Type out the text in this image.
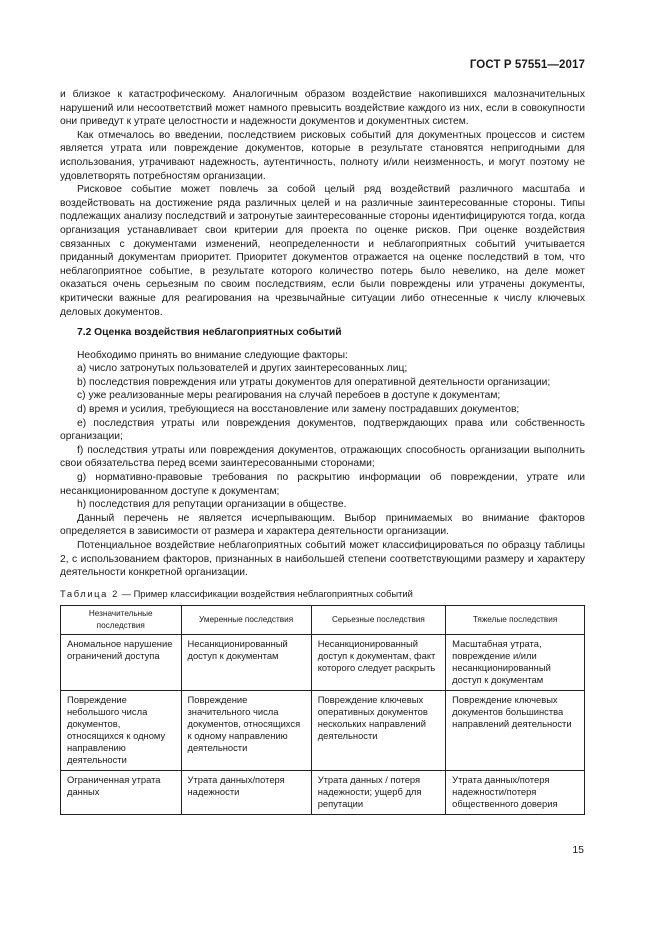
ГОСТ Р 57551—2017

и близкое к катастрофическому. Аналогичным образом воздействие накопившихся малозначительных нарушений или несоответствий может намного превысить воздействие каждого из них, если в совокупности они приведут к утрате целостности и надежности документов и документных систем.

Как отмечалось во введении, последствием рисковых событий для документных процессов и систем является утрата или повреждение документов, которые в результате становятся непригодными для использования, утрачивают надежность, аутентичность, полноту и/или неизменность, и могут поэтому не удовлетворять потребностям организации.

Рисковое событие может повлечь за собой целый ряд воздействий различного масштаба и воздействовать на достижение ряда различных целей и на различные заинтересованные стороны. Типы подлежащих анализу последствий и затронутые заинтересованные стороны идентифицируются тогда, когда организация устанавливает свои критерии для проекта по оценке рисков. При оценке воздействия связанных с документами изменений, неопределенности и неблагоприятных событий учитывается приданный документам приоритет. Приоритет документов отражается на оценке последствий в том, что неблагоприятное событие, в результате которого количество потерь было невелико, на деле может оказаться очень серьезным по своим последствиям, если были повреждены или утрачены документы, критически важные для реагирования на чрезвычайные ситуации либо отнесенные к числу ключевых деловых документов.

7.2 Оценка воздействия неблагоприятных событий

Необходимо принять во внимание следующие факторы:

a) число затронутых пользователей и других заинтересованных лиц;

b) последствия повреждения или утраты документов для оперативной деятельности организации;

c) уже реализованные меры реагирования на случай перебоев в доступе к документам;

d) время и усилия, требующиеся на восстановление или замену пострадавших документов;

e) последствия утраты или повреждения документов, подтверждающих права или собственность организации;

f) последствия утраты или повреждения документов, отражающих способность организации выполнить свои обязательства перед всеми заинтересованными сторонами;

g) нормативно-правовые требования по раскрытию информации об повреждении, утрате или несанкционированном доступе к документам;

h) последствия для репутации организации в обществе.

Данный перечень не является исчерпывающим. Выбор принимаемых во внимание факторов определяется в зависимости от размера и характера деятельности организации.

Потенциальное воздействие неблагоприятных событий может классифицироваться по образцу таблицы 2, с использованием факторов, признанных в наибольшей степени соответствующими размеру и характеру деятельности конкретной организации.

Таблица 2 — Пример классификации воздействия неблагоприятных событий
Незначительные последствия	Умеренные последствия	Серьезные последствия	Тяжелые последствия
Аномальное нарушение ограничений доступа	Несанкционированный доступ к документам	Несанкционированный доступ к документам, факт которого следует раскрыть	Масштабная утрата, повреждение и/или несанкционированный доступ к документам
Повреждение небольшого числа документов, относящихся к одному направлению деятельности	Повреждение значительного числа документов, относящихся к одному направлению деятельности	Повреждение ключевых оперативных документов нескольких направлений деятельности	Повреждение ключевых документов большинства направлений деятельности
Ограниченная утрата данных	Утрата данных/потеря надежности	Утрата данных / потеря надежности; ущерб для репутации	Утрата данных/потеря надежности/потеря общественного доверия
15
